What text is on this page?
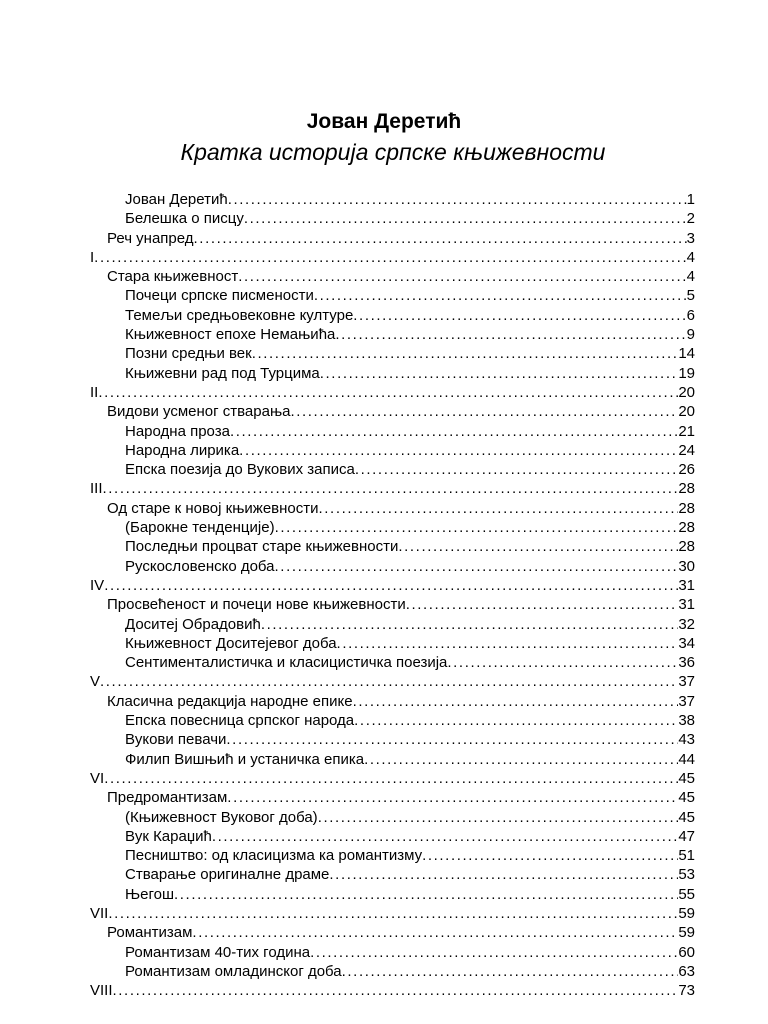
Јован Деретић
Кратка историја српске књижевности
Јован Деретић .....	1
Белешка о писцу .....	2
Реч унапред .....	3
I .....	4
Стара књижевност .....	4
Почеци српске писмености .....	5
Темељи средњовековне културе .....	6
Књижевност епохе Немањића .....	9
Позни средњи век .....	14
Књижевни рад под Турцима .....	19
II .....	20
Видови усменог стварања .....	20
Народна проза .....	21
Народна лирика .....	24
Епска поезија до Вукових записа .....	26
III .....	28
Од старе к новој књижевности .....	28
(Барокне тенденције) .....	28
Последњи процват старе књижевности .....	28
Рускословенско доба .....	30
IV .....	31
Просвећеност и почеци нове књижевности .....	31
Доситеј Обрадовић .....	32
Књижевност Доситејевог доба .....	34
Сентименталистичка и класицистичка поезија .....	36
V .....	37
Класична редакција народне епике .....	37
Епска повесница српског народа .....	38
Вукови певачи .....	43
Филип Вишњић и устаничка епика .....	44
VI .....	45
Предромантизам .....	45
(Књижевност Вуковог доба) .....	45
Вук Караџић .....	47
Песништво: од класицизма ка романтизму .....	51
Стварање оригиналне драме .....	53
Његош .....	55
VII .....	59
Романтизам .....	59
Романтизам 40-тих година .....	60
Романтизам омладинског доба .....	63
VIII .....	73
